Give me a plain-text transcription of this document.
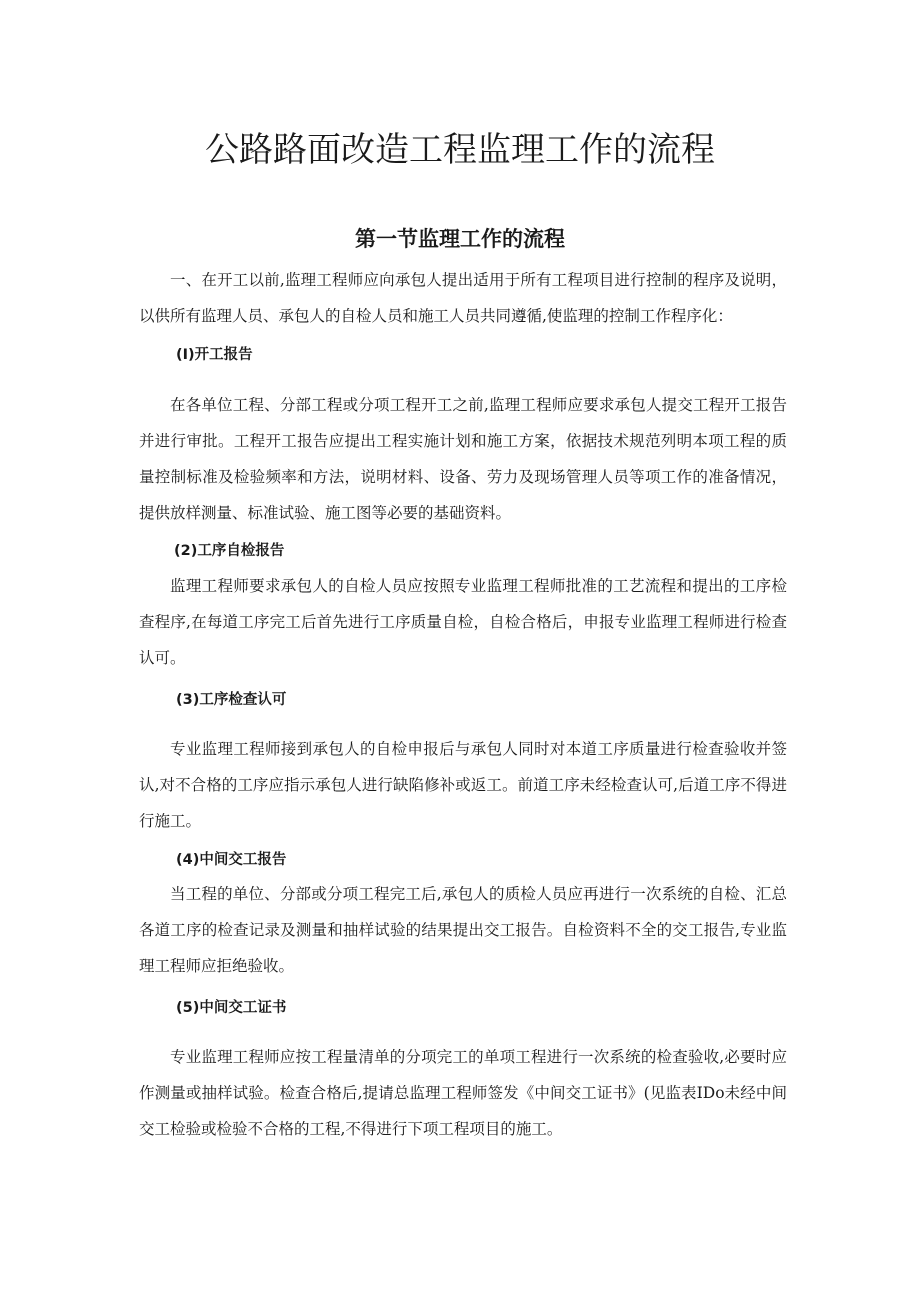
公路路面改造工程监理工作的流程
第一节监理工作的流程

一、在开工以前,监理工程师应向承包人提出适用于所有工程项目进行控制的程序及说明，以供所有监理人员、承包人的自检人员和施工人员共同遵循,使监理的控制工作程序化：

(I)开工报告

在各单位工程、分部工程或分项工程开工之前,监理工程师应要求承包人提交工程开工报告并进行审批。工程开工报告应提出工程实施计划和施工方案，依据技术规范列明本项工程的质量控制标准及检验频率和方法，说明材料、设备、劳力及现场管理人员等项工作的准备情况，提供放样测量、标准试验、施工图等必要的基础资料。

(2)工序自检报告

监理工程师要求承包人的自检人员应按照专业监理工程师批准的工艺流程和提出的工序检查程序,在每道工序完工后首先进行工序质量自检，自检合格后，申报专业监理工程师进行检查认可。

(3)工序检查认可

专业监理工程师接到承包人的自检申报后与承包人同时对本道工序质量进行检查验收并签认,对不合格的工序应指示承包人进行缺陷修补或返工。前道工序未经检查认可,后道工序不得进行施工。

(4)中间交工报告

当工程的单位、分部或分项工程完工后,承包人的质检人员应再进行一次系统的自检、汇总各道工序的检查记录及测量和抽样试验的结果提出交工报告。自检资料不全的交工报告,专业监理工程师应拒绝验收。

(5)中间交工证书

专业监理工程师应按工程量清单的分项完工的单项工程进行一次系统的检查验收,必要时应作测量或抽样试验。检查合格后,提请总监理工程师签发《中间交工证书》(见监表IDo未经中间交工检验或检验不合格的工程,不得进行下项工程项目的施工。
